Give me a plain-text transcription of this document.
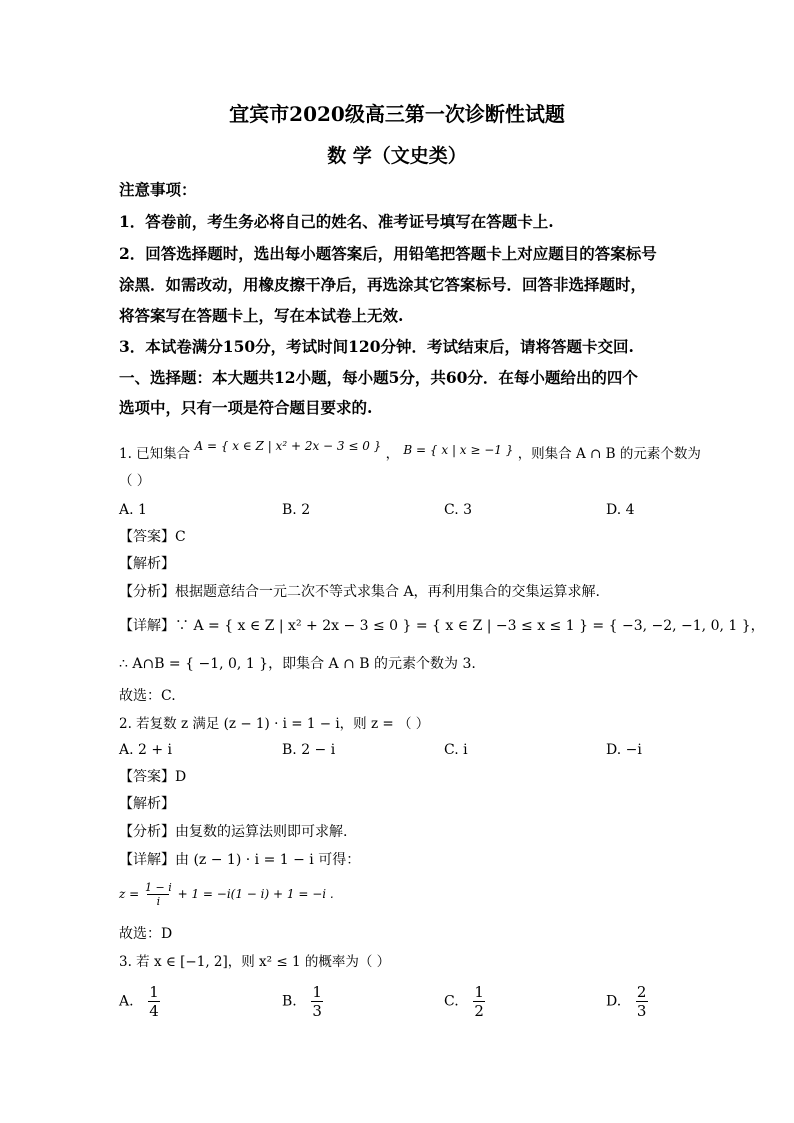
宜宾市2020级高三第一次诊断性试题
数 学（文史类）
注意事项：
1．答卷前，考生务必将自己的姓名、准考证号填写在答题卡上.
2．回答选择题时，选出每小题答案后，用铅笔把答题卡上对应题目的答案标号
涂黑．如需改动，用橡皮擦干净后，再选涂其它答案标号．回答非选择题时，
将答案写在答题卡上，写在本试卷上无效.
3．本试卷满分150分，考试时间120分钟．考试结束后，请将答题卡交回.
一、选择题：本大题共12小题，每小题5分，共60分．在每小题给出的四个
选项中，只有一项是符合题目要求的.
1. 已知集合 A = { x ∈ Z | x² + 2x − 3 ≤ 0 } ， B = { x | x ≥ −1 } ，则集合 A ∩ B 的元素个数为
（ ）
A. 1	B. 2	C. 3	D. 4
【答案】C
【解析】
【分析】根据题意结合一元二次不等式求集合 A，再利用集合的交集运算求解.
【详解】∵ A = { x ∈ Z | x² + 2x − 3 ≤ 0 } = { x ∈ Z | −3 ≤ x ≤ 1 } = { −3, −2, −1, 0, 1 }，
∴ A∩B = { −1, 0, 1 }，即集合 A ∩ B 的元素个数为 3.
故选：C.
2. 若复数 z 满足 (z − 1) · i = 1 − i，则 z = （ ）
A. 2 + i	B. 2 − i	C. i	D. −i
【答案】D
【解析】
【分析】由复数的运算法则即可求解.
【详解】由 (z − 1) · i = 1 − i 可得：
$z = \frac{1 - i}{i} + 1 = -i(1 - i) + 1 = -i$ .
故选：D
3. 若 x ∈ [−1, 2]，则 x² ≤ 1 的概率为（ ）
A. $\frac{1}{4}$	B. $\frac{1}{3}$	C. $\frac{1}{2}$	D. $\frac{2}{3}$
